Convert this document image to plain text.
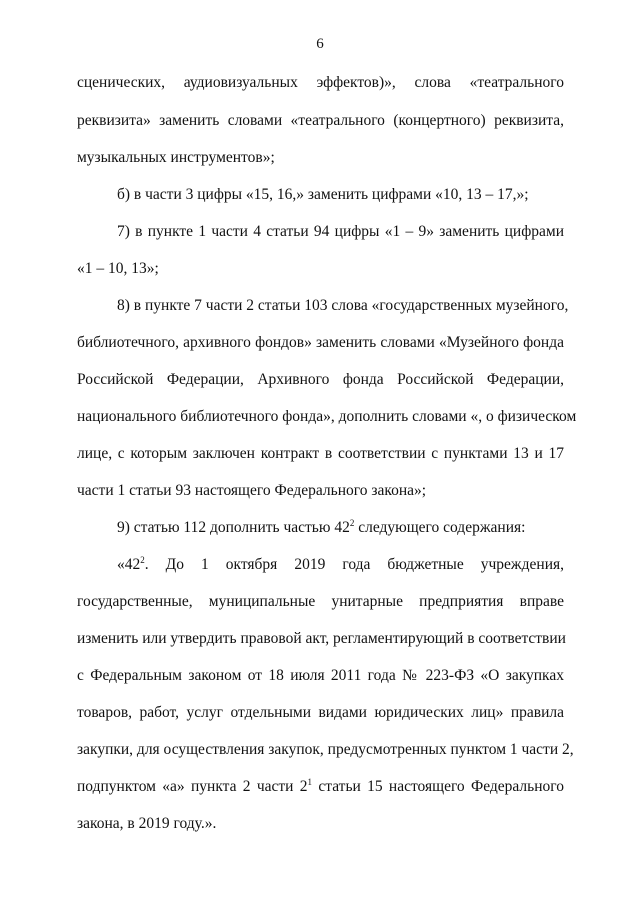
6
сценических, аудиовизуальных эффектов)», слова «театрального
реквизита» заменить словами «театрального (концертного) реквизита,
музыкальных инструментов»;
б) в части 3 цифры «15, 16,» заменить цифрами «10, 13 – 17,»;
7) в пункте 1 части 4 статьи 94 цифры «1 – 9» заменить цифрами
«1 – 10, 13»;
8) в пункте 7 части 2 статьи 103 слова «государственных музейного,
библиотечного, архивного фондов» заменить словами «Музейного фонда
Российской Федерации, Архивного фонда Российской Федерации,
национального библиотечного фонда», дополнить словами «, о физическом
лице, с которым заключен контракт в соответствии с пунктами 13 и 17
части 1 статьи 93 настоящего Федерального закона»;
9) статью 112 дополнить частью $42^2$ следующего содержания:
«$42^2$. До 1 октября 2019 года бюджетные учреждения,
государственные, муниципальные унитарные предприятия вправе
изменить или утвердить правовой акт, регламентирующий в соответствии
с Федеральным законом от 18 июля 2011 года № 223-ФЗ «О закупках
товаров, работ, услуг отдельными видами юридических лиц» правила
закупки, для осуществления закупок, предусмотренных пунктом 1 части 2,
подпунктом «а» пункта 2 части $2^1$ статьи 15 настоящего Федерального
закона, в 2019 году.».
